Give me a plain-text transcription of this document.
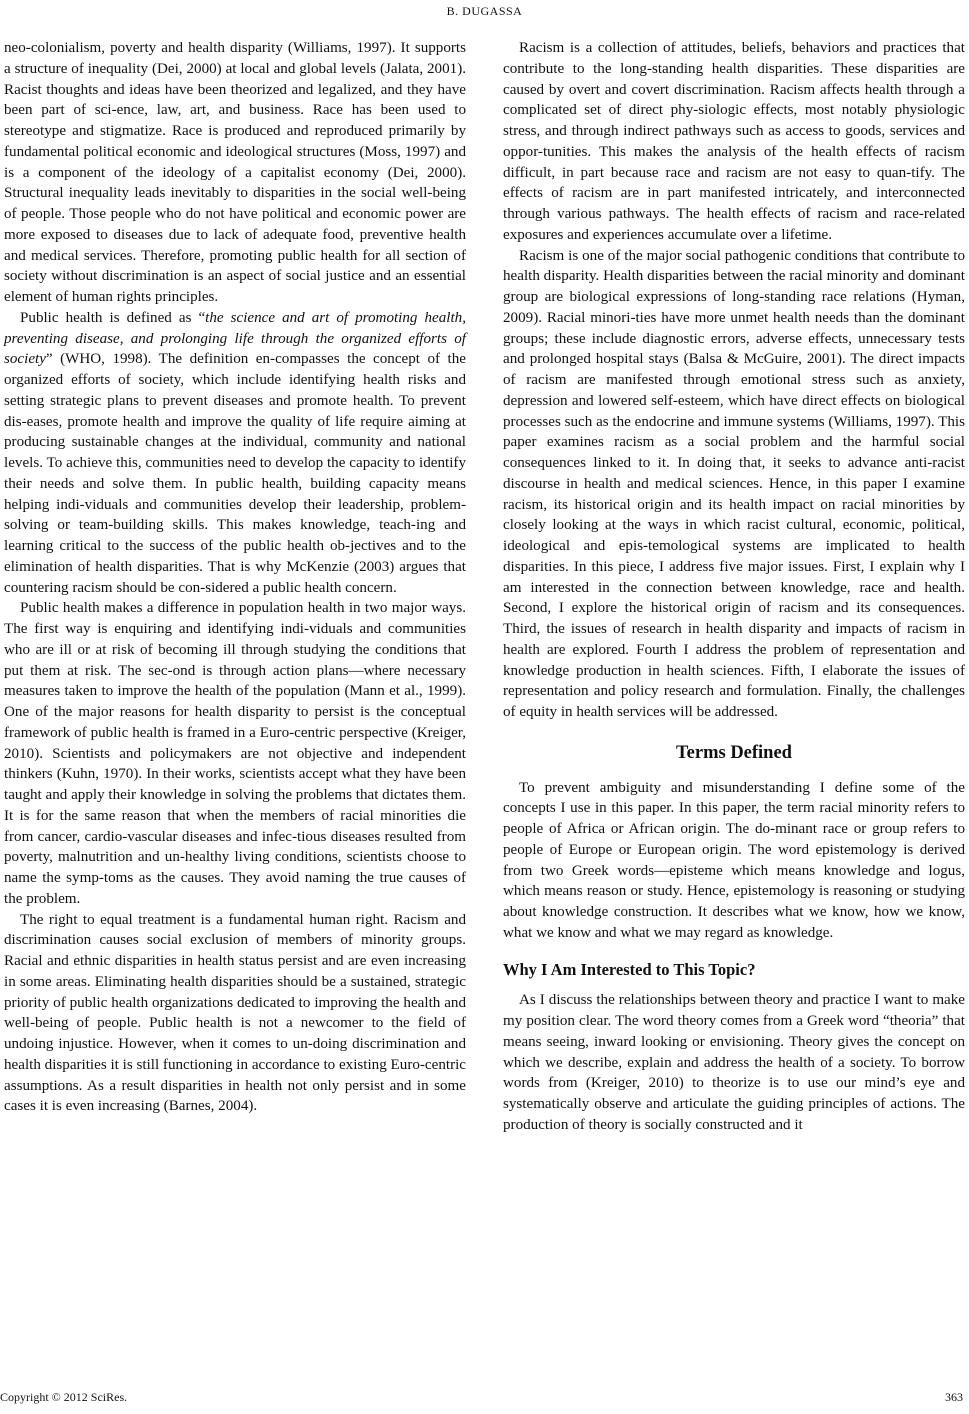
B. DUGASSA

neo-colonialism, poverty and health disparity (Williams, 1997). It supports a structure of inequality (Dei, 2000) at local and global levels (Jalata, 2001). Racist thoughts and ideas have been theorized and legalized, and they have been part of sci-ence, law, art, and business. Race has been used to stereotype and stigmatize. Race is produced and reproduced primarily by fundamental political economic and ideological structures (Moss, 1997) and is a component of the ideology of a capitalist economy (Dei, 2000). Structural inequality leads inevitably to disparities in the social well-being of people. Those people who do not have political and economic power are more exposed to diseases due to lack of adequate food, preventive health and medical services. Therefore, promoting public health for all section of society without discrimination is an aspect of social justice and an essential element of human rights principles.

Public health is defined as “the science and art of promoting health, preventing disease, and prolonging life through the organized efforts of society” (WHO, 1998). The definition en-compasses the concept of the organized efforts of society, which include identifying health risks and setting strategic plans to prevent diseases and promote health. To prevent dis-eases, promote health and improve the quality of life require aiming at producing sustainable changes at the individual, community and national levels. To achieve this, communities need to develop the capacity to identify their needs and solve them. In public health, building capacity means helping indi-viduals and communities develop their leadership, problem-solving or team-building skills. This makes knowledge, teach-ing and learning critical to the success of the public health ob-jectives and to the elimination of health disparities. That is why McKenzie (2003) argues that countering racism should be con-sidered a public health concern.

Public health makes a difference in population health in two major ways. The first way is enquiring and identifying indi-viduals and communities who are ill or at risk of becoming ill through studying the conditions that put them at risk. The sec-ond is through action plans—where necessary measures taken to improve the health of the population (Mann et al., 1999). One of the major reasons for health disparity to persist is the conceptual framework of public health is framed in a Euro-centric perspective (Kreiger, 2010). Scientists and policymakers are not objective and independent thinkers (Kuhn, 1970). In their works, scientists accept what they have been taught and apply their knowledge in solving the problems that dictates them. It is for the same reason that when the members of racial minorities die from cancer, cardio-vascular diseases and infec-tious diseases resulted from poverty, malnutrition and un-healthy living conditions, scientists choose to name the symp-toms as the causes. They avoid naming the true causes of the problem.

The right to equal treatment is a fundamental human right. Racism and discrimination causes social exclusion of members of minority groups. Racial and ethnic disparities in health status persist and are even increasing in some areas. Eliminating health disparities should be a sustained, strategic priority of public health organizations dedicated to improving the health and well-being of people. Public health is not a newcomer to the field of undoing injustice. However, when it comes to un-doing discrimination and health disparities it is still functioning in accordance to existing Euro-centric assumptions. As a result disparities in health not only persist and in some cases it is even increasing (Barnes, 2004).

Racism is a collection of attitudes, beliefs, behaviors and practices that contribute to the long-standing health disparities. These disparities are caused by overt and covert discrimination. Racism affects health through a complicated set of direct phy-siologic effects, most notably physiologic stress, and through indirect pathways such as access to goods, services and oppor-tunities. This makes the analysis of the health effects of racism difficult, in part because race and racism are not easy to quan-tify. The effects of racism are in part manifested intricately, and interconnected through various pathways. The health effects of racism and race-related exposures and experiences accumulate over a lifetime.

Racism is one of the major social pathogenic conditions that contribute to health disparity. Health disparities between the racial minority and dominant group are biological expressions of long-standing race relations (Hyman, 2009). Racial minori-ties have more unmet health needs than the dominant groups; these include diagnostic errors, adverse effects, unnecessary tests and prolonged hospital stays (Balsa & McGuire, 2001). The direct impacts of racism are manifested through emotional stress such as anxiety, depression and lowered self-esteem, which have direct effects on biological processes such as the endocrine and immune systems (Williams, 1997). This paper examines racism as a social problem and the harmful social consequences linked to it. In doing that, it seeks to advance anti-racist discourse in health and medical sciences. Hence, in this paper I examine racism, its historical origin and its health impact on racial minorities by closely looking at the ways in which racist cultural, economic, political, ideological and epis-temological systems are implicated to health disparities. In this piece, I address five major issues. First, I explain why I am interested in the connection between knowledge, race and health. Second, I explore the historical origin of racism and its consequences. Third, the issues of research in health disparity and impacts of racism in health are explored. Fourth I address the problem of representation and knowledge production in health sciences. Fifth, I elaborate the issues of representation and policy research and formulation. Finally, the challenges of equity in health services will be addressed.

Terms Defined

To prevent ambiguity and misunderstanding I define some of the concepts I use in this paper. In this paper, the term racial minority refers to people of Africa or African origin. The do-minant race or group refers to people of Europe or European origin. The word epistemology is derived from two Greek words—episteme which means knowledge and logus, which means reason or study. Hence, epistemology is reasoning or studying about knowledge construction. It describes what we know, how we know, what we know and what we may regard as knowledge.

Why I Am Interested to This Topic?

As I discuss the relationships between theory and practice I want to make my position clear. The word theory comes from a Greek word “theoria” that means seeing, inward looking or envisioning. Theory gives the concept on which we describe, explain and address the health of a society. To borrow words from (Kreiger, 2010) to theorize is to use our mind’s eye and systematically observe and articulate the guiding principles of actions. The production of theory is socially constructed and it

Copyright © 2012 SciRes.	363
